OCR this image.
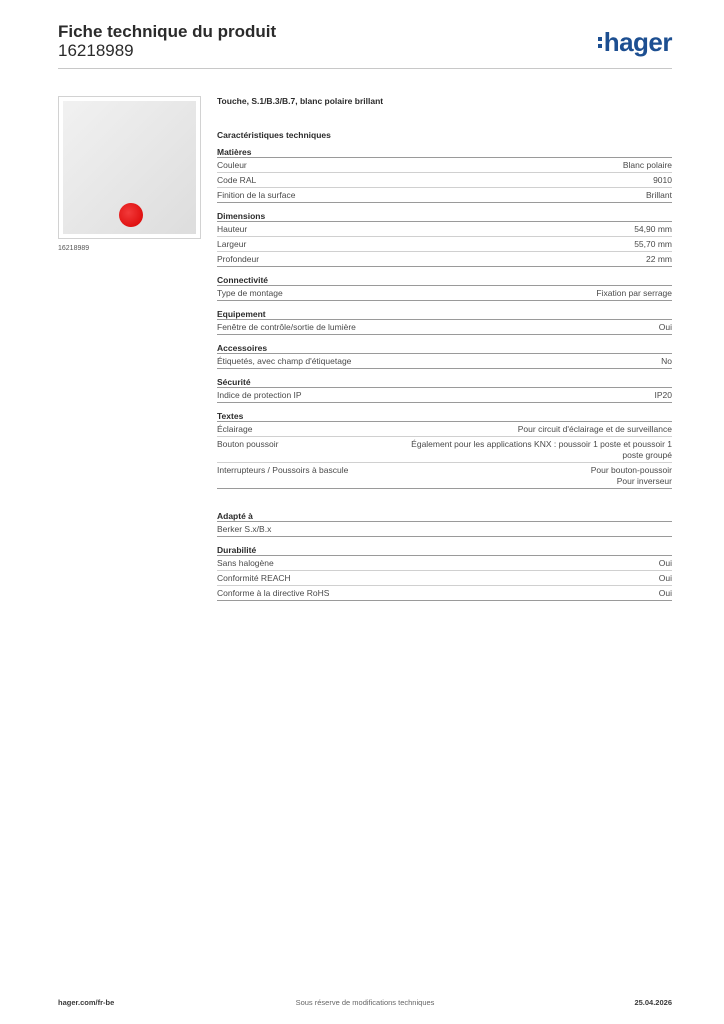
Fiche technique du produit
16218989	hager
16218989
Touche, S.1/B.3/B.7, blanc polaire brillant
Caractéristiques techniques
Matières
Couleur	Blanc polaire
Code RAL	9010
Finition de la surface	Brillant
Dimensions
Hauteur	54,90 mm
Largeur	55,70 mm
Profondeur	22 mm
Connectivité
Type de montage	Fixation par serrage
Equipement
Fenêtre de contrôle/sortie de lumière	Oui
Accessoires
Étiquetés, avec champ d'étiquetage	No
Sécurité
Indice de protection IP	IP20
Textes
Éclairage	Pour circuit d'éclairage et de surveillance
Bouton poussoir	Également pour les applications KNX : poussoir 1 poste et poussoir 1
poste groupé
Interrupteurs / Poussoirs à bascule	Pour bouton-poussoir
Pour inverseur
Adapté à
Berker S.x/B.x
Durabilité
Sans halogène	Oui
Conformité REACH	Oui
Conforme à la directive RoHS	Oui
Sous réserve de modifications techniques
hager.com/fr-be	25.04.2026
